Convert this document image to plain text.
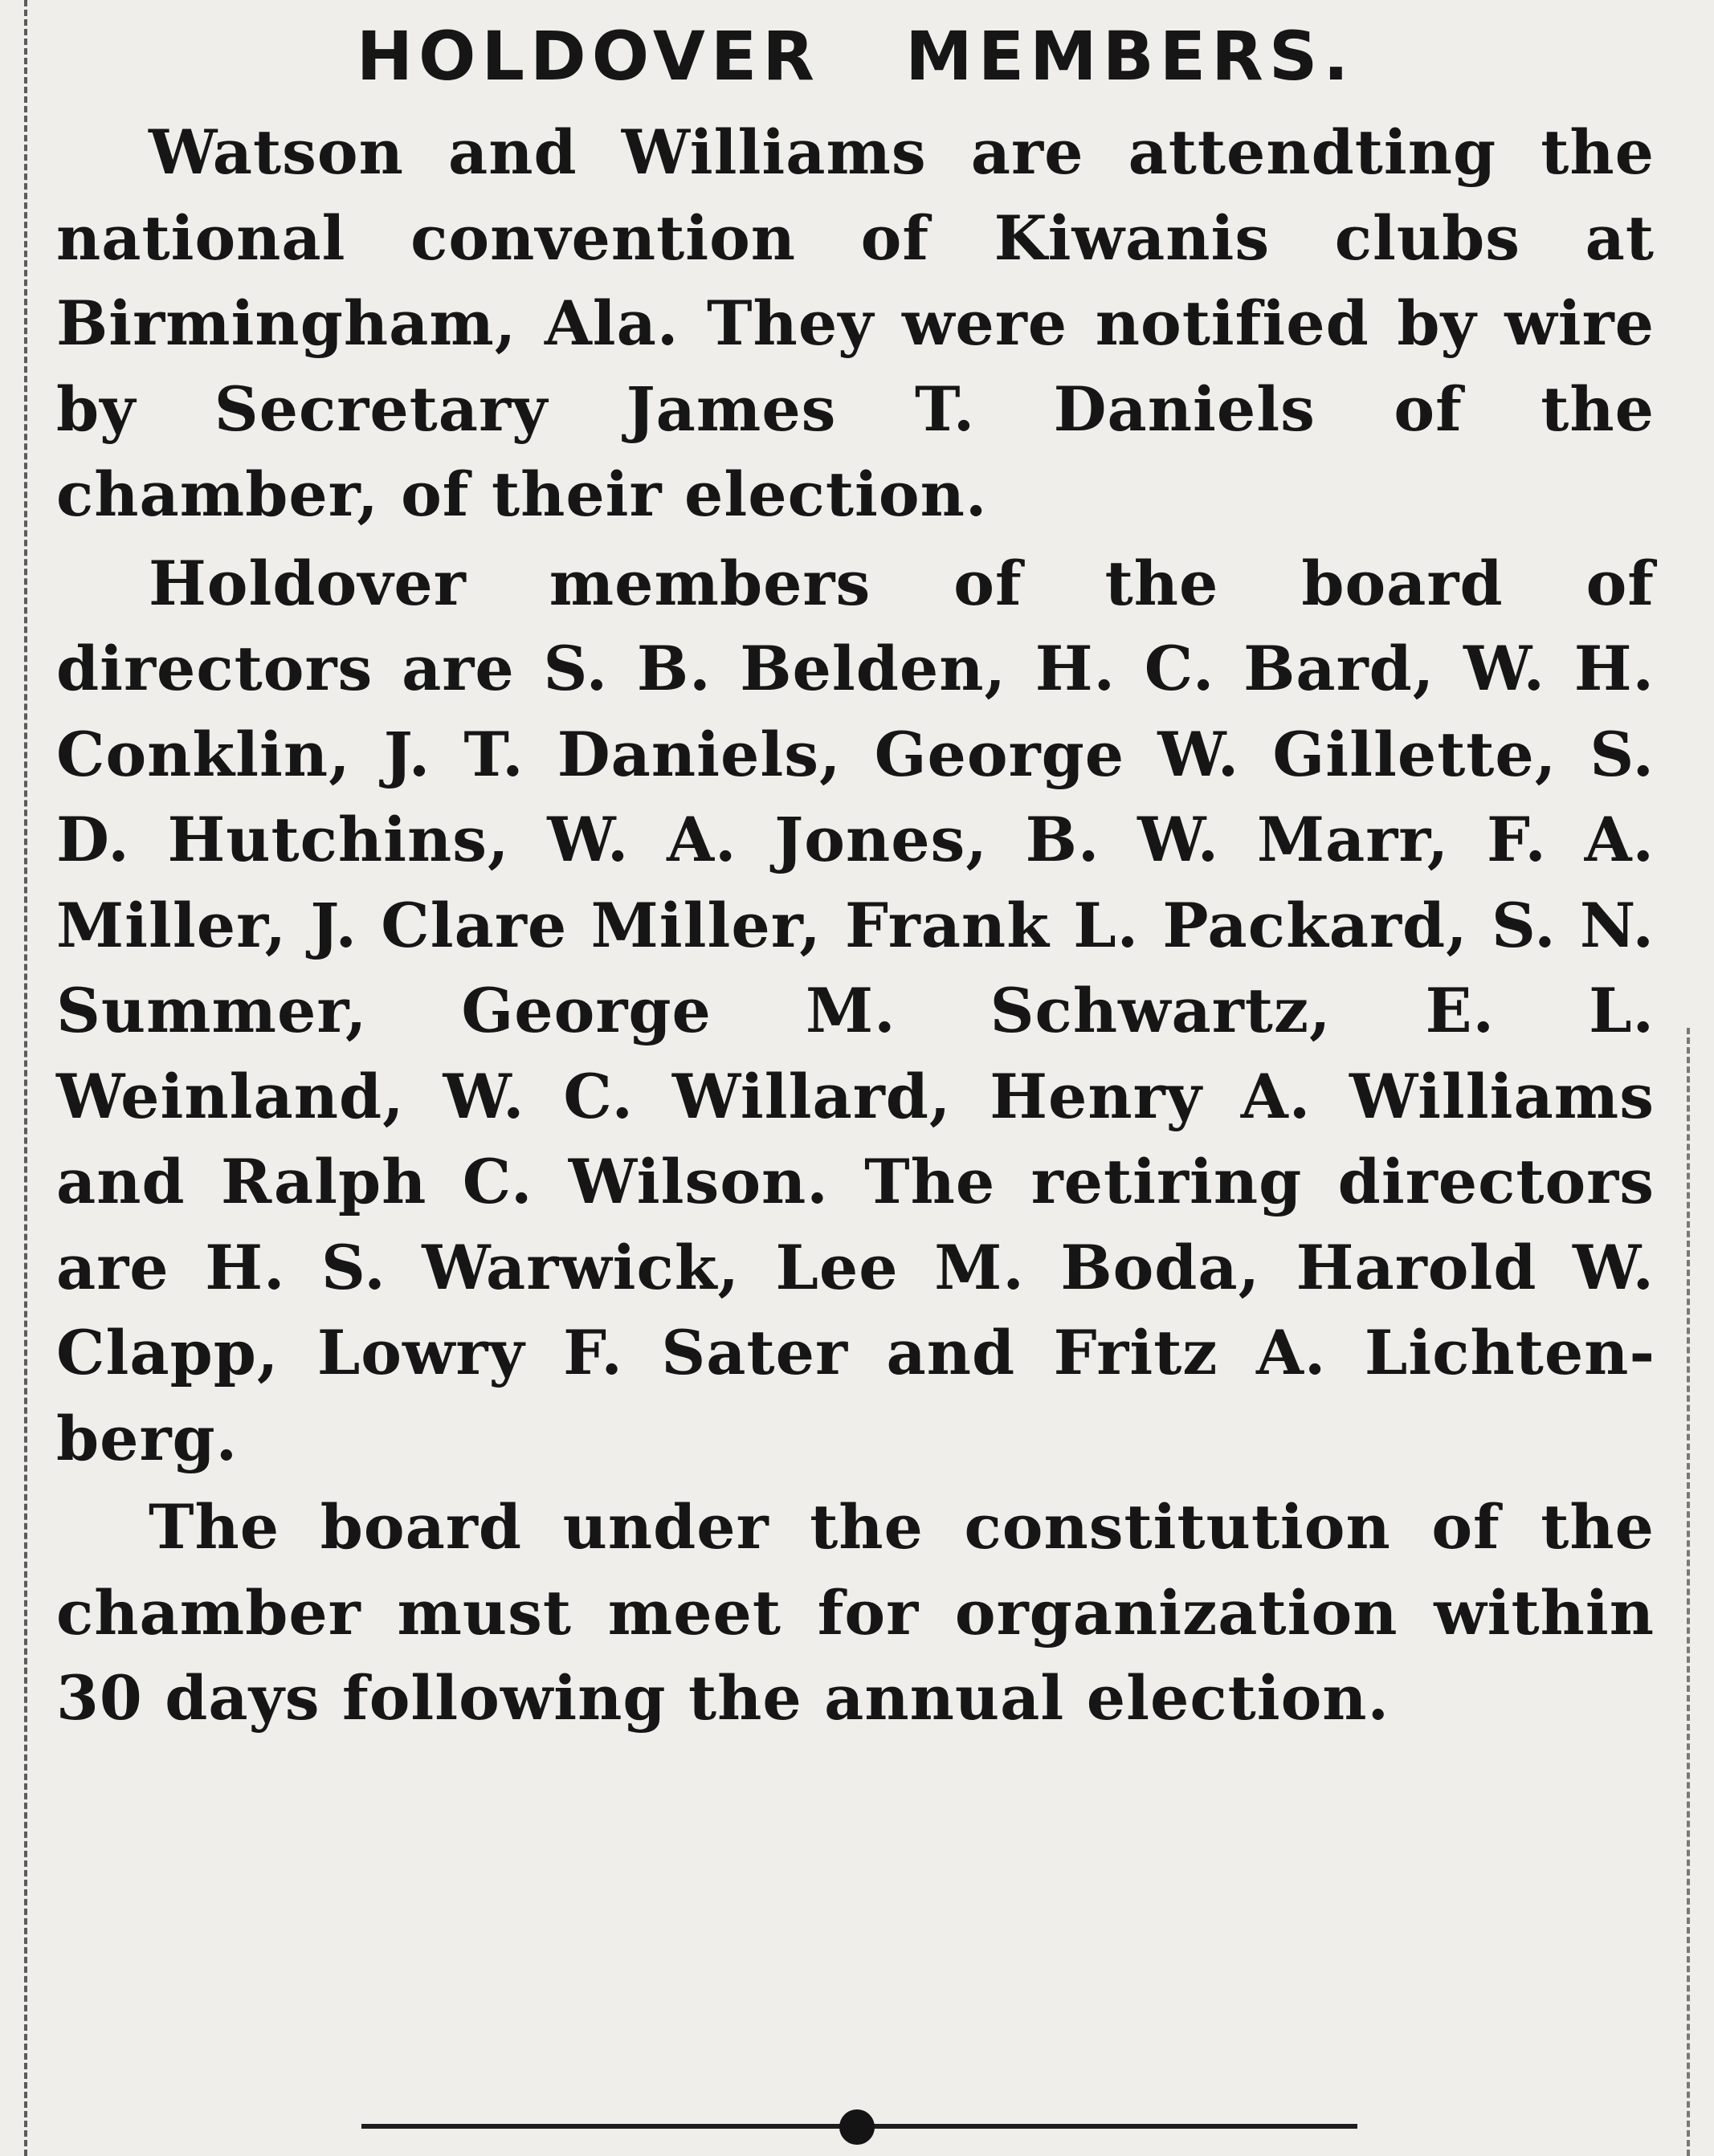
HOLDOVER MEMBERS.

Watson and Williams are attendting the national convention of Kiwanis clubs at Birmingham, Ala. They were notified by wire by Secretary James T. Daniels of the chamber, of their election.

Holdover members of the board of directors are S. B. Belden, H. C. Bard, W. H. Conklin, J. T. Daniels, George W. Gillette, S. D. Hutchins, W. A. Jones, B. W. Marr, F. A. Miller, J. Clare Miller, Frank L. Packard, S. N. Summer, George M. Schwartz, E. L. Weinland, W. C. Willard, Henry A. Williams and Ralph C. Wilson. The retiring directors are H. S. Warwick, Lee M. Boda, Harold W. Clapp, Lowry F. Sater and Fritz A. Lichtenberg.

The board under the constitution of the chamber must meet for organization within 30 days following the annual election.
